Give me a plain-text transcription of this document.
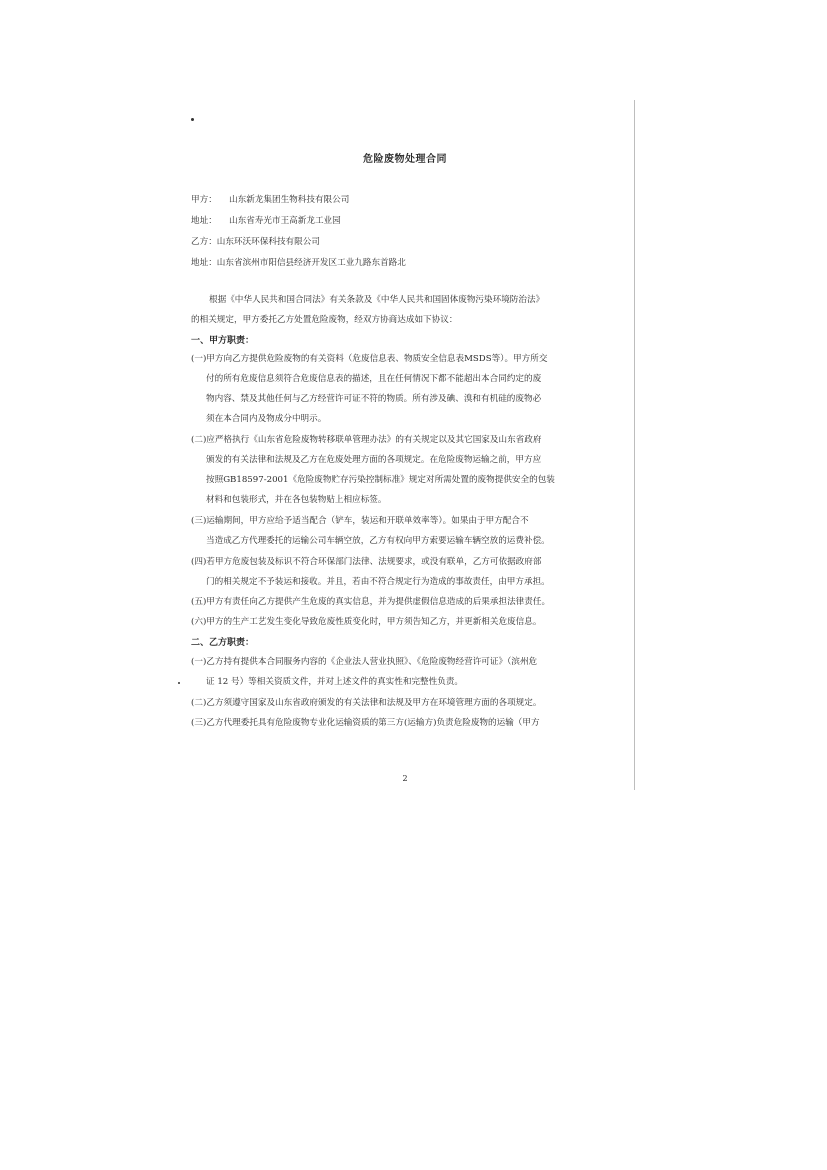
危险废物处理合同
甲方： 山东新龙集团生物科技有限公司
地址： 山东省寿光市王高新龙工业园
乙方：山东环沃环保科技有限公司
地址：山东省滨州市阳信县经济开发区工业九路东首路北
根据《中华人民共和国合同法》有关条款及《中华人民共和国固体废物污染环境防治法》
的相关规定，甲方委托乙方处置危险废物，经双方协商达成如下协议：
一、甲方职责：
(一)甲方向乙方提供危险废物的有关资料（危废信息表、物质安全信息表MSDS等）。甲方所交
付的所有危废信息须符合危废信息表的描述，且在任何情况下都不能超出本合同约定的废
物内容、禁及其他任何与乙方经营许可证不符的物质。所有涉及碘、溴和有机硅的废物必
须在本合同内及物成分中明示。
(二)应严格执行《山东省危险废物转移联单管理办法》的有关规定以及其它国家及山东省政府
颁发的有关法律和法规及乙方在危废处理方面的各项规定。在危险废物运输之前，甲方应
按照GB18597-2001《危险废物贮存污染控制标准》规定对所需处置的废物提供安全的包装
材料和包装形式，并在各包装物贴上相应标签。
(三)运输期间，甲方应给予适当配合（铲车，装运和开联单效率等）。如果由于甲方配合不
当造成乙方代理委托的运输公司车辆空放，乙方有权向甲方索要运输车辆空放的运费补偿。
(四)若甲方危废包装及标识不符合环保部门法律、法规要求，或没有联单，乙方可依据政府部
门的相关规定不予装运和接收。并且，若由不符合规定行为造成的事故责任，由甲方承担。
(五)甲方有责任向乙方提供产生危废的真实信息，并为提供虚假信息造成的后果承担法律责任。
(六)甲方的生产工艺发生变化导致危废性质变化时，甲方须告知乙方，并更新相关危废信息。
二、乙方职责：
(一)乙方持有提供本合同服务内容的《企业法人营业执照》、《危险废物经营许可证》（滨州危
证 12 号）等相关资质文件，并对上述文件的真实性和完整性负责。
(二)乙方须遵守国家及山东省政府颁发的有关法律和法规及甲方在环境管理方面的各项规定。
(三)乙方代理委托具有危险废物专业化运输资质的第三方(运输方)负责危险废物的运输（甲方
2
